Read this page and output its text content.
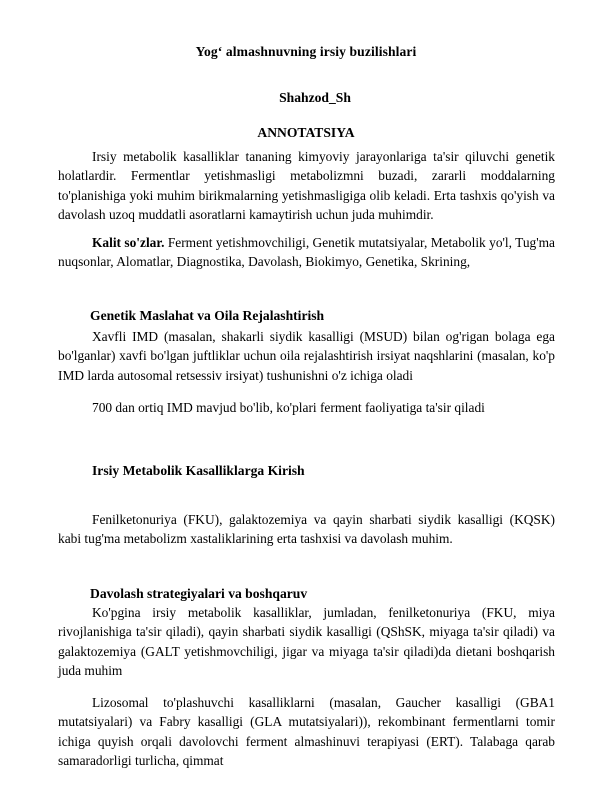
Yog‘ almashnuvning irsiy buzilishlari
Shahzod_Sh
ANNOTATSIYA

Irsiy metabolik kasalliklar tananing kimyoviy jarayonlariga ta'sir qiluvchi genetik holatlardir. Fermentlar yetishmasligi metabolizmni buzadi, zararli moddalarning to'planishiga yoki muhim birikmalarning yetishmasligiga olib keladi. Erta tashxis qo'yish va davolash uzoq muddatli asoratlarni kamaytirish uchun juda muhimdir.

Kalit so'zlar. Ferment yetishmovchiligi, Genetik mutatsiyalar, Metabolik yo'l, Tug'ma nuqsonlar, Alomatlar, Diagnostika, Davolash, Biokimyo, Genetika, Skrining,

Genetik Maslahat va Oila Rejalashtirish

Xavfli IMD (masalan, shakarli siydik kasalligi (MSUD) bilan og'rigan bolaga ega bo'lganlar) xavfi bo'lgan juftliklar uchun oila rejalashtirish irsiyat naqshlarini (masalan, ko'p IMD larda autosomal retsessiv irsiyat) tushunishni o'z ichiga oladi

700 dan ortiq IMD mavjud bo'lib, ko'plari ferment faoliyatiga ta'sir qiladi

Irsiy Metabolik Kasalliklarga Kirish

Fenilketonuriya (FKU), galaktozemiya va qayin sharbati siydik kasalligi (KQSK) kabi tug'ma metabolizm xastaliklarining erta tashxisi va davolash muhim.

Davolash strategiyalari va boshqaruv

Ko'pgina irsiy metabolik kasalliklar, jumladan, fenilketonuriya (FKU, miya rivojlanishiga ta'sir qiladi), qayin sharbati siydik kasalligi (QShSK, miyaga ta'sir qiladi) va galaktozemiya (GALT yetishmovchiligi, jigar va miyaga ta'sir qiladi)da dietani boshqarish juda muhim

Lizosomal to'plashuvchi kasalliklarni (masalan, Gaucher kasalligi (GBA1 mutatsiyalari) va Fabry kasalligi (GLA mutatsiyalari)), rekombinant fermentlarni tomir ichiga quyish orqali davolovchi ferment almashinuvi terapiyasi (ERT). Talabaga qarab samaradorligi turlicha, qimmat
